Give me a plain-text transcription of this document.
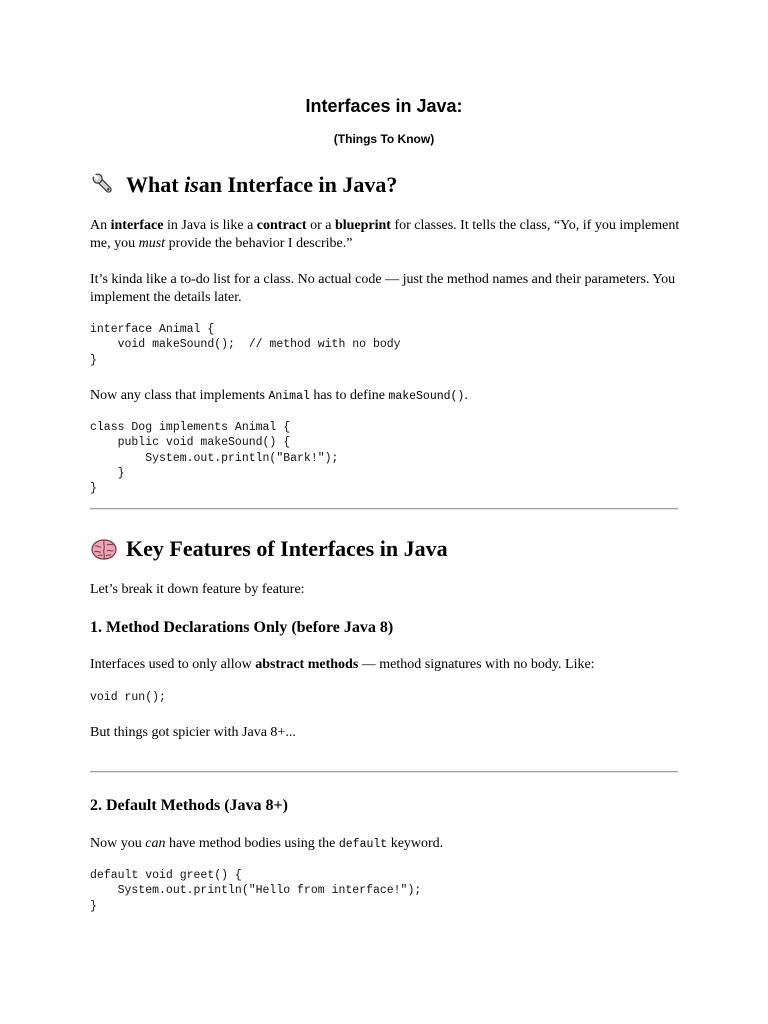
Interfaces in Java:
(Things To Know)
What
is an Interface in Java?
An interface in Java is like a contract or a blueprint for classes. It tells the class, “Yo, if you implement me, you must provide the behavior I describe.”
It’s kinda like a to-do list for a class. No actual code — just the method names and their parameters. You implement the details later.
interface Animal {
void makeSound();  // method with no body
}
Now any class that implements Animal has to define makeSound().
class Dog implements Animal {
public void makeSound() {
System.out.println("Bark!");
}
}
Key Features of Interfaces in Java
Let’s break it down feature by feature:
1. Method Declarations Only (before Java 8)
Interfaces used to only allow abstract methods — method signatures with no body. Like:
void run();
But things got spicier with Java 8+...
2. Default Methods (Java 8+)
Now you can have method bodies using the default keyword.
default void greet() {
System.out.println("Hello from interface!");
}
